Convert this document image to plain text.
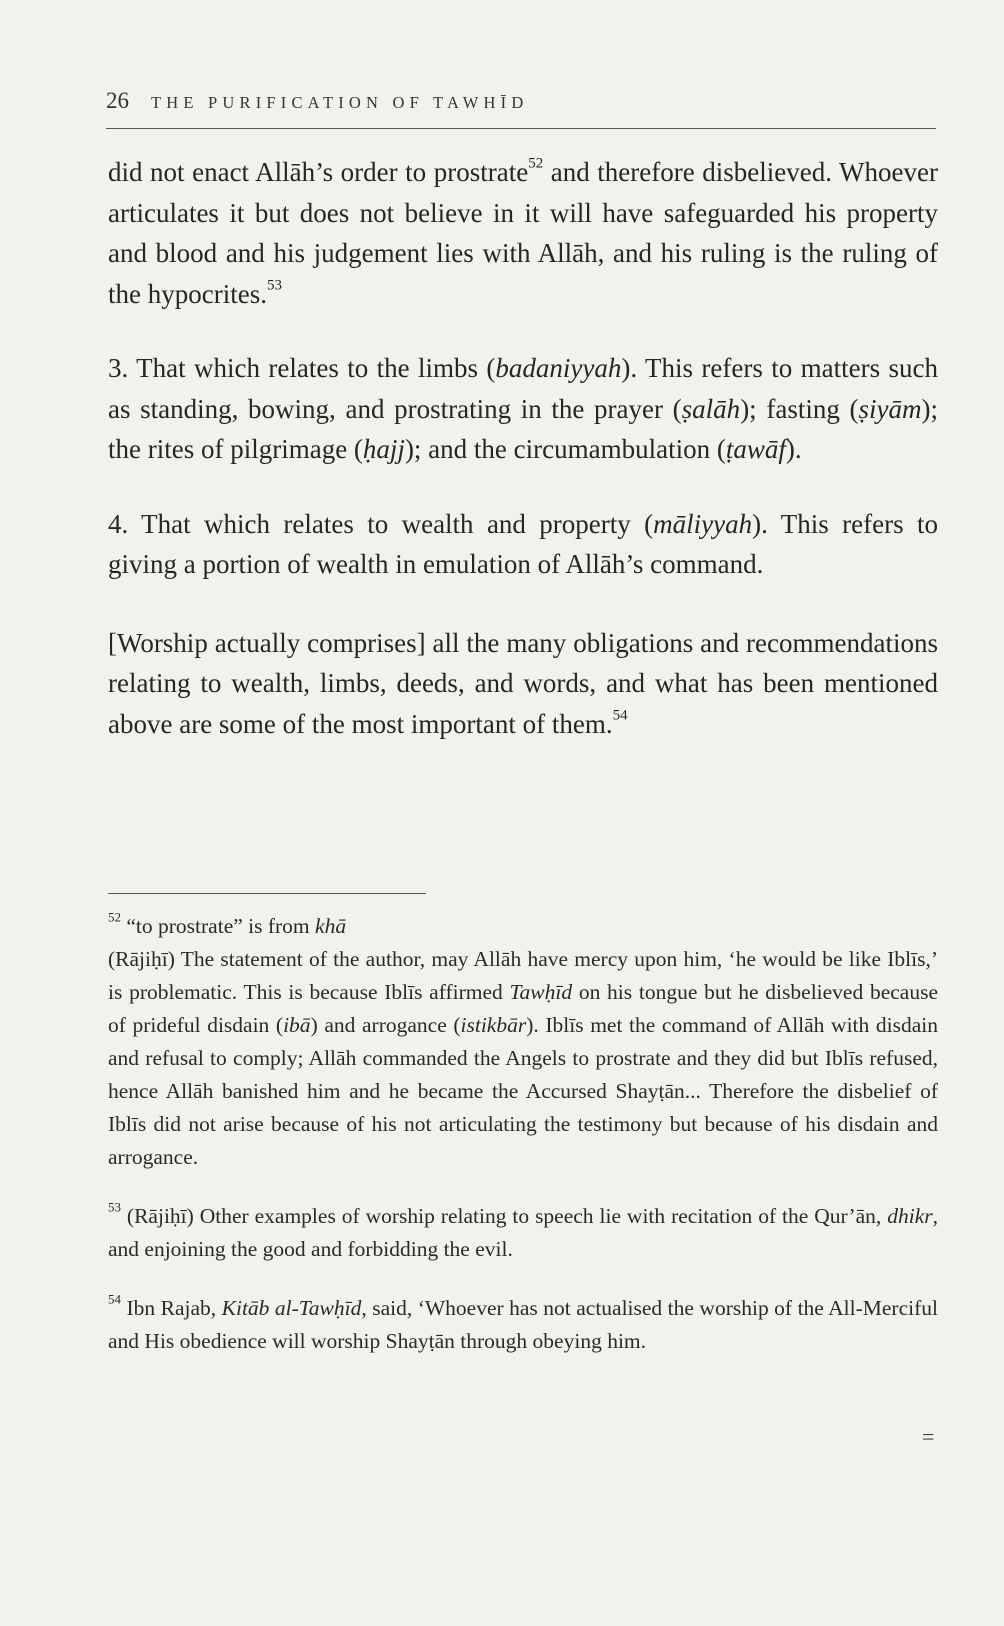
26 THE PURIFICATION OF TAWHĪD

did not enact Allāh’s order to prostrate$^{52}$ and therefore disbelieved. Whoever articulates it but does not believe in it will have safeguarded his property and blood and his judgement lies with Allāh, and his ruling is the ruling of the hypocrites.$^{53}$

3. That which relates to the limbs (badaniyyah). This refers to matters such as standing, bowing, and prostrating in the prayer (ṣalāh); fasting (ṣiyām); the rites of pilgrimage (ḥajj); and the circumambulation (ṭawāf).

4. That which relates to wealth and property (māliyyah). This refers to giving a portion of wealth in emulation of Allāh’s command.

[Worship actually comprises] all the many obligations and recommendations relating to wealth, limbs, deeds, and words, and what has been mentioned above are some of the most important of them.$^{54}$

$^{52}$ “to prostrate” is from khā

(Rājiḥī) The statement of the author, may Allāh have mercy upon him, ‘he would be like Iblīs,’ is problematic. This is because Iblīs affirmed Tawḥīd on his tongue but he disbelieved because of prideful disdain (ibā) and arrogance (istikbār). Iblīs met the command of Allāh with disdain and refusal to comply; Allāh commanded the Angels to prostrate and they did but Iblīs refused, hence Allāh banished him and he became the Accursed Shayṭān... Therefore the disbelief of Iblīs did not arise because of his not articulating the testimony but because of his disdain and arrogance.

$^{53}$ (Rājiḥī) Other examples of worship relating to speech lie with recitation of the Qur’ān, dhikr, and enjoining the good and forbidding the evil.

$^{54}$ Ibn Rajab, Kitāb al-Tawḥīd, said, ‘Whoever has not actualised the worship of the All-Merciful and His obedience will worship Shayṭān through obeying him.

=
